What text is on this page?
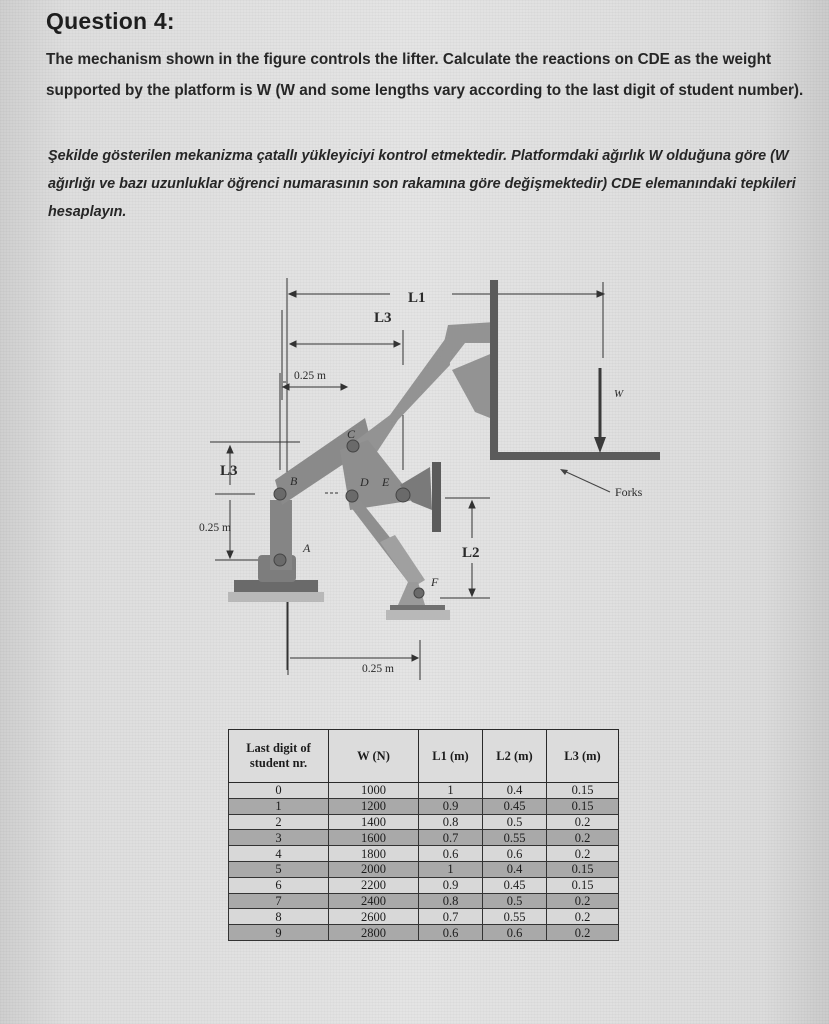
Question 4:
The mechanism shown in the figure controls the lifter. Calculate the reactions on CDE as the weight supported by the platform is W (W and some lengths vary according to the last digit of student number).
Şekilde gösterilen mekanizma çatallı yükleyiciyi kontrol etmektedir. Platformdaki ağırlık W olduğuna göre (W ağırlığı ve bazı uzunluklar öğrenci numarasının son rakamına göre değişmektedir) CDE elemanındaki tepkileri hesaplayın.
L1
L3
0.25 m
W
Forks
L3
0.25 m
L2
0.25 m
A
B
C
D E
F
Last digit of student nr.	W (N)	L1 (m)	L2 (m)	L3 (m)
0	1000	1	0.4	0.15
1	1200	0.9	0.45	0.15
2	1400	0.8	0.5	0.2
3	1600	0.7	0.55	0.2
4	1800	0.6	0.6	0.2
5	2000	1	0.4	0.15
6	2200	0.9	0.45	0.15
7	2400	0.8	0.5	0.2
8	2600	0.7	0.55	0.2
9	2800	0.6	0.6	0.2
